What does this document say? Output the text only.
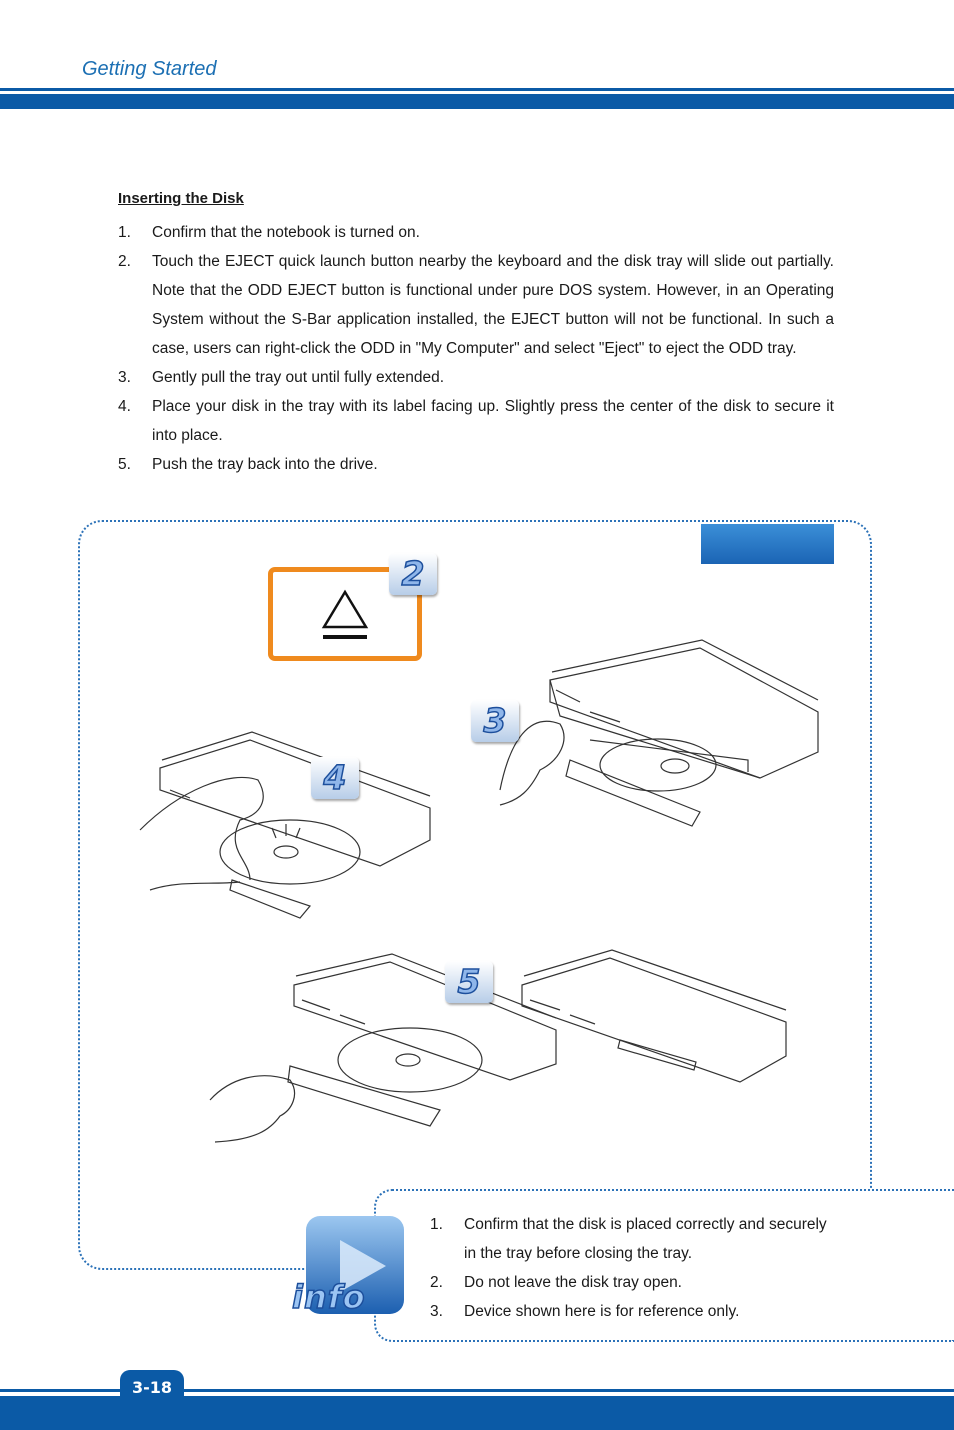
Getting Started
Inserting the Disk
1.	Confirm that the notebook is turned on.
2.	Touch the EJECT quick launch button nearby the keyboard and the disk tray will slide out partially. Note that the ODD EJECT button is functional under pure DOS system. However, in an Operating System without the S-Bar application installed, the EJECT button will not be functional. In such a case, users can right-click the ODD in "My Computer" and select "Eject" to eject the ODD tray.
3.	Gently pull the tray out until fully extended.
4.	Place your disk in the tray with its label facing up. Slightly press the center of the disk to secure it into place.
5.	Push the tray back into the drive.
2
3
4
5
info
1.	Confirm that the disk is placed correctly and securely in the tray before closing the tray.
2.	Do not leave the disk tray open.
3.	Device shown here is for reference only.
3-18
